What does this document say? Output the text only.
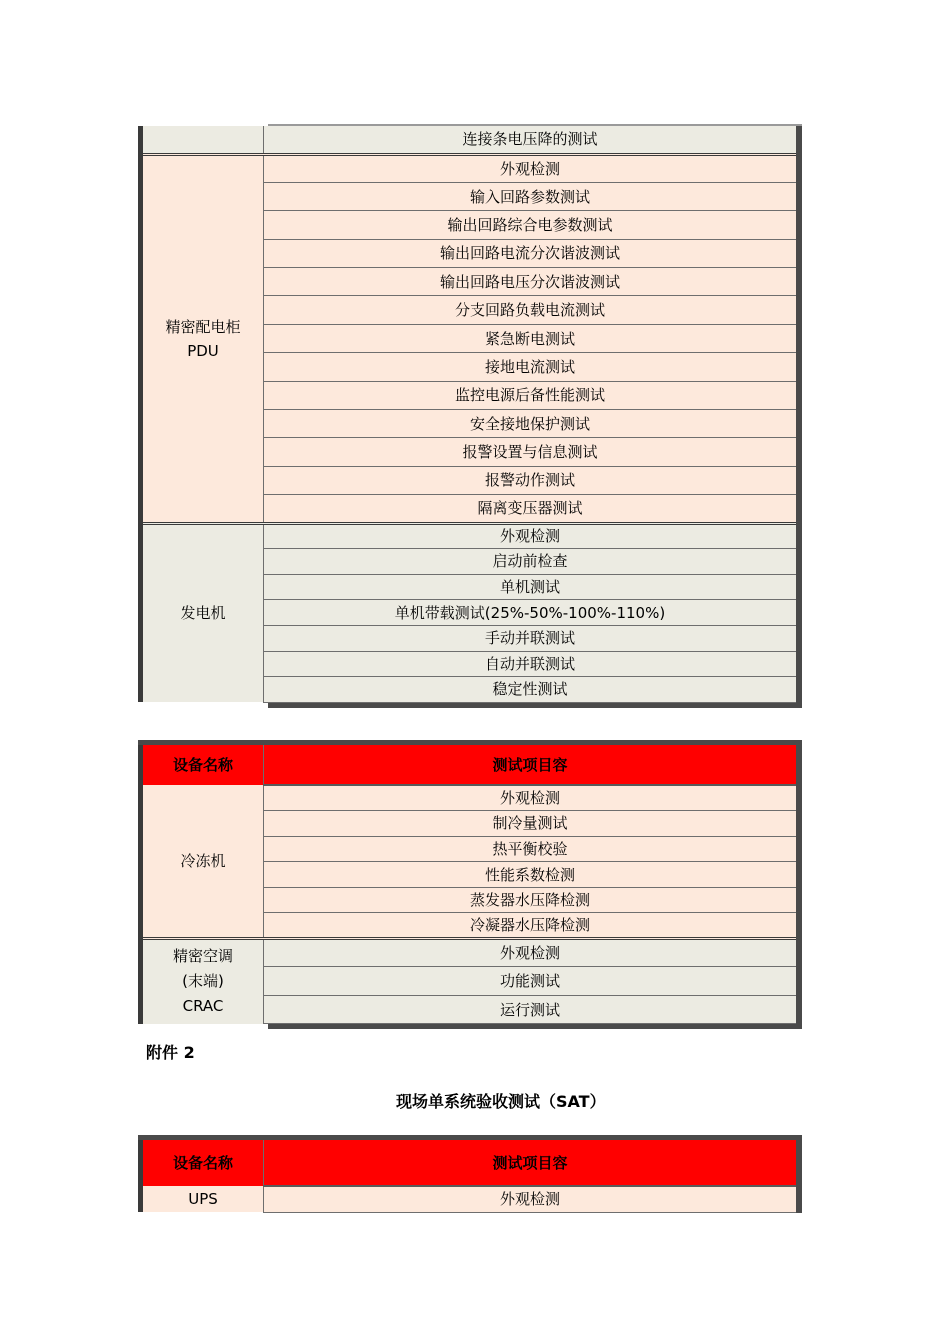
	连接条电压降的测试

精密配电柜
PDU	外观检测
	输入回路参数测试
	输出回路综合电参数测试
	输出回路电流分次谐波测试
	输出回路电压分次谐波测试
	分支回路负载电流测试
	紧急断电测试
	接地电流测试
	监控电源后备性能测试
	安全接地保护测试
	报警设置与信息测试
	报警动作测试
	隔离变压器测试

发电机	外观检测
	启动前检查
	单机测试
	单机带载测试(25%-50%-100%-110%)
	手动并联测试
	自动并联测试
	稳定性测试
设备名称	测试项目容

冷冻机	外观检测
	制冷量测试
	热平衡校验
	性能系数检测
	蒸发器水压降检测
	冷凝器水压降检测

精密空调
(末端)
CRAC	外观检测
	功能测试
	运行测试
附件 2
现场单系统验收测试（SAT）
设备名称	测试项目容
UPS	外观检测
